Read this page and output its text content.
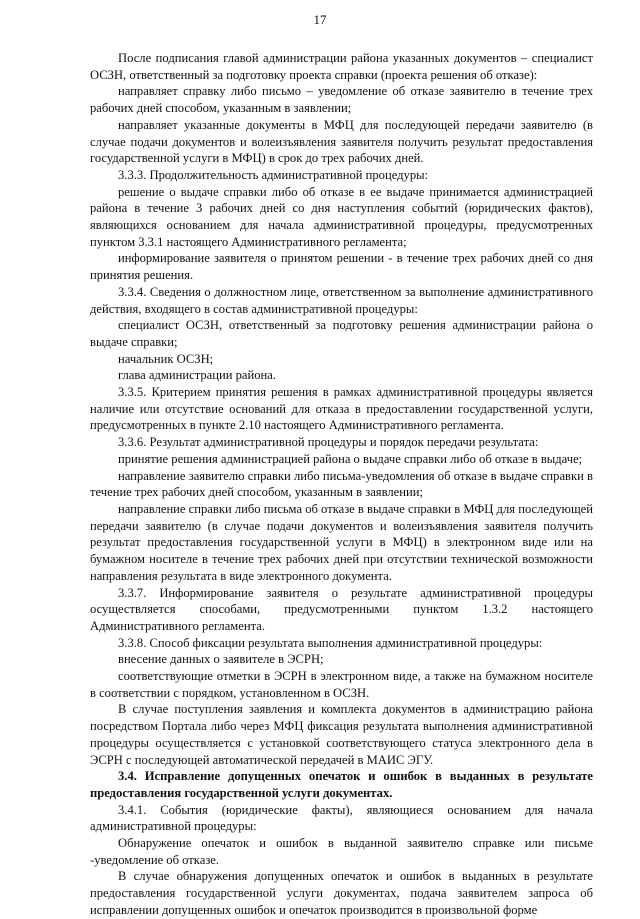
17

После подписания главой администрации района указанных документов – специалист ОСЗН, ответственный за подготовку проекта справки (проекта решения об отказе):

направляет справку либо письмо – уведомление об отказе заявителю в течение трех рабочих дней способом, указанным в заявлении;

направляет указанные документы в МФЦ для последующей передачи заявителю (в случае подачи документов и волеизъявления заявителя получить результат предоставления государственной услуги в МФЦ) в срок до трех рабочих дней.

3.3.3. Продолжительность административной процедуры:

решение о выдаче справки либо об отказе в ее выдаче принимается администрацией района в течение 3 рабочих дней со дня наступления событий (юридических фактов), являющихся основанием для начала административной процедуры, предусмотренных пунктом 3.3.1 настоящего Административного регламента;

информирование заявителя о принятом решении - в течение трех рабочих дней со дня принятия решения.

3.3.4. Сведения о должностном лице, ответственном за выполнение административного действия, входящего в состав административной процедуры:

специалист ОСЗН, ответственный за подготовку решения администрации района о выдаче справки;

начальник ОСЗН;

глава администрации района.

3.3.5. Критерием принятия решения в рамках административной процедуры является наличие или отсутствие оснований для отказа в предоставлении государственной услуги, предусмотренных в пункте 2.10 настоящего Административного регламента.

3.3.6. Результат административной процедуры и порядок передачи результата:

принятие решения администрацией района о выдаче справки либо об отказе в выдаче;

направление заявителю справки либо письма-уведомления об отказе в выдаче справки в течение трех рабочих дней способом, указанным в заявлении;

направление справки либо письма об отказе в выдаче справки в МФЦ для последующей передачи заявителю (в случае подачи документов и волеизъявления заявителя получить результат предоставления государственной услуги в МФЦ) в электронном виде или на бумажном носителе в течение трех рабочих дней при отсутствии технической возможности направления результата в виде электронного документа.

3.3.7. Информирование заявителя о результате административной процедуры осуществляется способами, предусмотренными пунктом 1.3.2 настоящего Административного регламента.

3.3.8. Способ фиксации результата выполнения административной процедуры:

внесение данных о заявителе в ЭСРН;

соответствующие отметки в ЭСРН в электронном виде, а также на бумажном носителе в соответствии с порядком, установленном в ОСЗН.

В случае поступления заявления и комплекта документов в администрацию района посредством Портала либо через МФЦ фиксация результата выполнения административной процедуры осуществляется с установкой соответствующего статуса электронного дела в ЭСРН с последующей автоматической передачей в МАИС ЭГУ.

3.4. Исправление допущенных опечаток и ошибок в выданных в результате предоставления государственной услуги документах.

3.4.1. События (юридические факты), являющиеся основанием для начала административной процедуры:

Обнаружение опечаток и ошибок в выданной заявителю справке или письме -уведомление об отказе.

В случае обнаружения допущенных опечаток и ошибок в выданных в результате предоставления государственной услуги документах, подача заявителем запроса об исправлении допущенных ошибок и опечаток производится в произвольной форме
